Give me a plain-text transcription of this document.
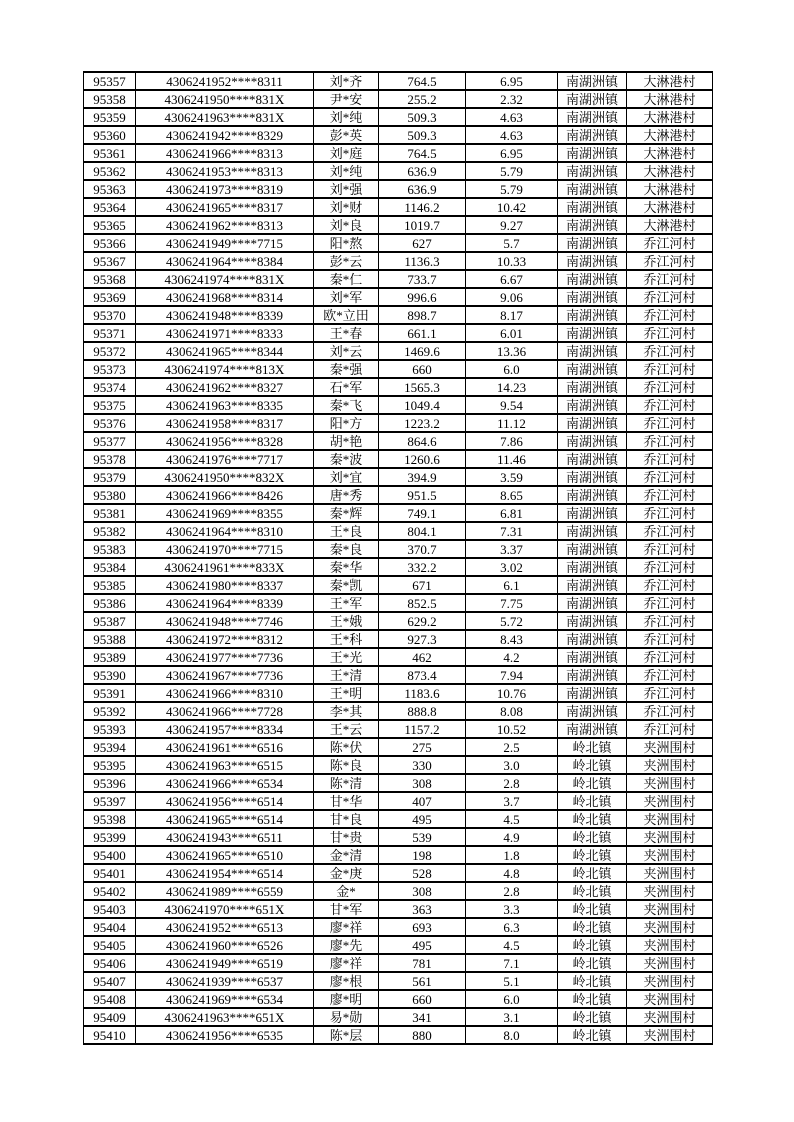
95357	4306241952****8311	刘*齐	764.5	6.95	南湖洲镇	大淋港村
95358	4306241950****831X	尹*安	255.2	2.32	南湖洲镇	大淋港村
95359	4306241963****831X	刘*纯	509.3	4.63	南湖洲镇	大淋港村
95360	4306241942****8329	彭*英	509.3	4.63	南湖洲镇	大淋港村
95361	4306241966****8313	刘*庭	764.5	6.95	南湖洲镇	大淋港村
95362	4306241953****8313	刘*纯	636.9	5.79	南湖洲镇	大淋港村
95363	4306241973****8319	刘*强	636.9	5.79	南湖洲镇	大淋港村
95364	4306241965****8317	刘*财	1146.2	10.42	南湖洲镇	大淋港村
95365	4306241962****8313	刘*良	1019.7	9.27	南湖洲镇	大淋港村
95366	4306241949****7715	阳*熬	627	5.7	南湖洲镇	乔江河村
95367	4306241964****8384	彭*云	1136.3	10.33	南湖洲镇	乔江河村
95368	4306241974****831X	秦*仁	733.7	6.67	南湖洲镇	乔江河村
95369	4306241968****8314	刘*军	996.6	9.06	南湖洲镇	乔江河村
95370	4306241948****8339	欧*立田	898.7	8.17	南湖洲镇	乔江河村
95371	4306241971****8333	王*春	661.1	6.01	南湖洲镇	乔江河村
95372	4306241965****8344	刘*云	1469.6	13.36	南湖洲镇	乔江河村
95373	4306241974****813X	秦*强	660	6.0	南湖洲镇	乔江河村
95374	4306241962****8327	石*军	1565.3	14.23	南湖洲镇	乔江河村
95375	4306241963****8335	秦*飞	1049.4	9.54	南湖洲镇	乔江河村
95376	4306241958****8317	阳*方	1223.2	11.12	南湖洲镇	乔江河村
95377	4306241956****8328	胡*艳	864.6	7.86	南湖洲镇	乔江河村
95378	4306241976****7717	秦*波	1260.6	11.46	南湖洲镇	乔江河村
95379	4306241950****832X	刘*宜	394.9	3.59	南湖洲镇	乔江河村
95380	4306241966****8426	唐*秀	951.5	8.65	南湖洲镇	乔江河村
95381	4306241969****8355	秦*辉	749.1	6.81	南湖洲镇	乔江河村
95382	4306241964****8310	王*良	804.1	7.31	南湖洲镇	乔江河村
95383	4306241970****7715	秦*良	370.7	3.37	南湖洲镇	乔江河村
95384	4306241961****833X	秦*华	332.2	3.02	南湖洲镇	乔江河村
95385	4306241980****8337	秦*凯	671	6.1	南湖洲镇	乔江河村
95386	4306241964****8339	王*军	852.5	7.75	南湖洲镇	乔江河村
95387	4306241948****7746	王*娥	629.2	5.72	南湖洲镇	乔江河村
95388	4306241972****8312	王*科	927.3	8.43	南湖洲镇	乔江河村
95389	4306241977****7736	王*光	462	4.2	南湖洲镇	乔江河村
95390	4306241967****7736	王*清	873.4	7.94	南湖洲镇	乔江河村
95391	4306241966****8310	王*明	1183.6	10.76	南湖洲镇	乔江河村
95392	4306241966****7728	李*其	888.8	8.08	南湖洲镇	乔江河村
95393	4306241957****8334	王*云	1157.2	10.52	南湖洲镇	乔江河村
95394	4306241961****6516	陈*伏	275	2.5	岭北镇	夹洲围村
95395	4306241963****6515	陈*良	330	3.0	岭北镇	夹洲围村
95396	4306241966****6534	陈*清	308	2.8	岭北镇	夹洲围村
95397	4306241956****6514	甘*华	407	3.7	岭北镇	夹洲围村
95398	4306241965****6514	甘*良	495	4.5	岭北镇	夹洲围村
95399	4306241943****6511	甘*贵	539	4.9	岭北镇	夹洲围村
95400	4306241965****6510	金*清	198	1.8	岭北镇	夹洲围村
95401	4306241954****6514	金*庚	528	4.8	岭北镇	夹洲围村
95402	4306241989****6559	金*	308	2.8	岭北镇	夹洲围村
95403	4306241970****651X	甘*军	363	3.3	岭北镇	夹洲围村
95404	4306241952****6513	廖*祥	693	6.3	岭北镇	夹洲围村
95405	4306241960****6526	廖*先	495	4.5	岭北镇	夹洲围村
95406	4306241949****6519	廖*祥	781	7.1	岭北镇	夹洲围村
95407	4306241939****6537	廖*根	561	5.1	岭北镇	夹洲围村
95408	4306241969****6534	廖*明	660	6.0	岭北镇	夹洲围村
95409	4306241963****651X	易*勋	341	3.1	岭北镇	夹洲围村
95410	4306241956****6535	陈*层	880	8.0	岭北镇	夹洲围村
